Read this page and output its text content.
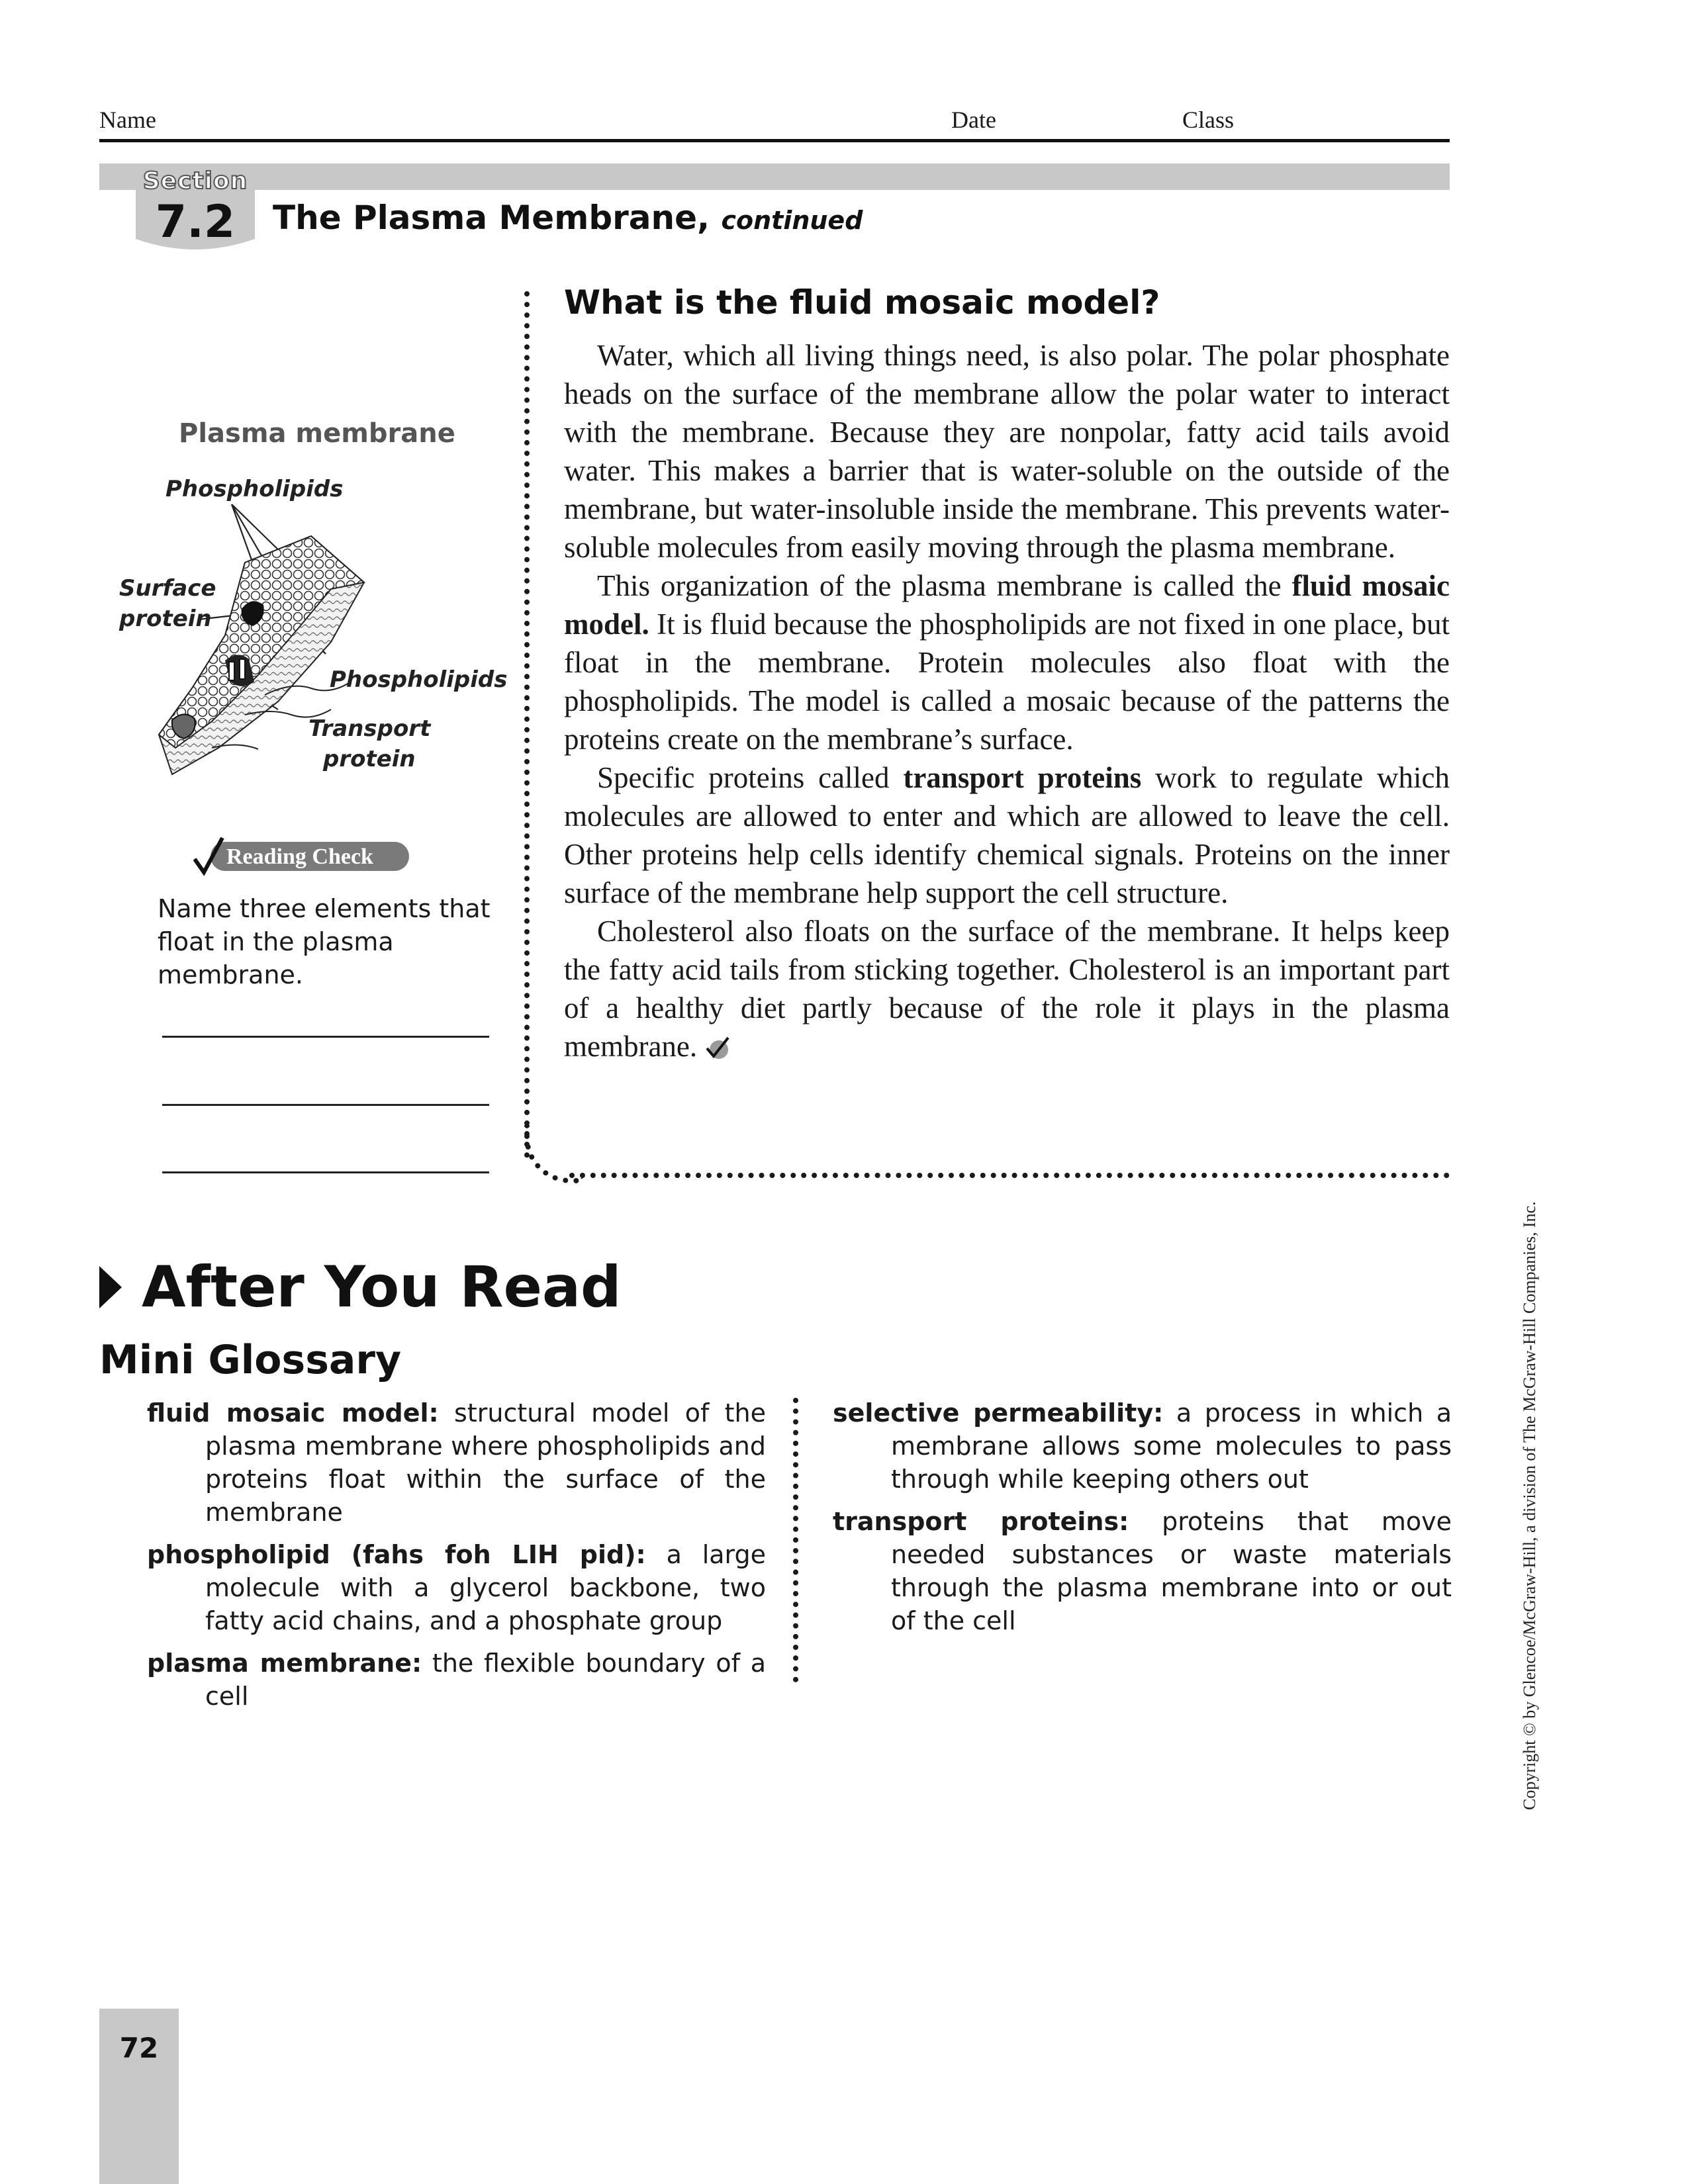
Name	Date	Class
Section
7.2	The Plasma Membrane, continued
Plasma membrane
Phospholipids
Surface
protein
Phospholipids
Transport
protein
Reading Check
Name three elements that float in the plasma membrane.
What is the fluid mosaic model?

Water, which all living things need, is also polar. The polar phosphate heads on the surface of the membrane allow the polar water to interact with the membrane. Because they are nonpolar, fatty acid tails avoid water. This makes a barrier that is water-soluble on the outside of the membrane, but water-insoluble inside the membrane. This prevents water-soluble molecules from easily moving through the plasma membrane.

This organization of the plasma membrane is called the fluid mosaic model. It is fluid because the phospholipids are not fixed in one place, but float in the membrane. Protein molecules also float with the phospholipids. The model is called a mosaic because of the patterns the proteins create on the membrane’s surface.

Specific proteins called transport proteins work to regulate which molecules are allowed to enter and which are allowed to leave the cell. Other proteins help cells identify chemical signals. Proteins on the inner surface of the membrane help support the cell structure.

Cholesterol also floats on the surface of the membrane. It helps keep the fatty acid tails from sticking together. Cholesterol is an important part of a healthy diet partly because of the role it plays in the plasma membrane.

After You Read
Mini Glossary

fluid mosaic model: structural model of the plasma membrane where phospholipids and proteins float within the surface of the membrane

phospholipid (fahs foh LIH pid): a large molecule with a glycerol backbone, two fatty acid chains, and a phosphate group

plasma membrane: the flexible boundary of a cell

selective permeability: a process in which a membrane allows some molecules to pass through while keeping others out

transport proteins: proteins that move needed substances or waste materials through the plasma membrane into or out of the cell	Copyright © by Glencoe/McGraw-Hill, a division of The McGraw-Hill Companies, Inc.
72
